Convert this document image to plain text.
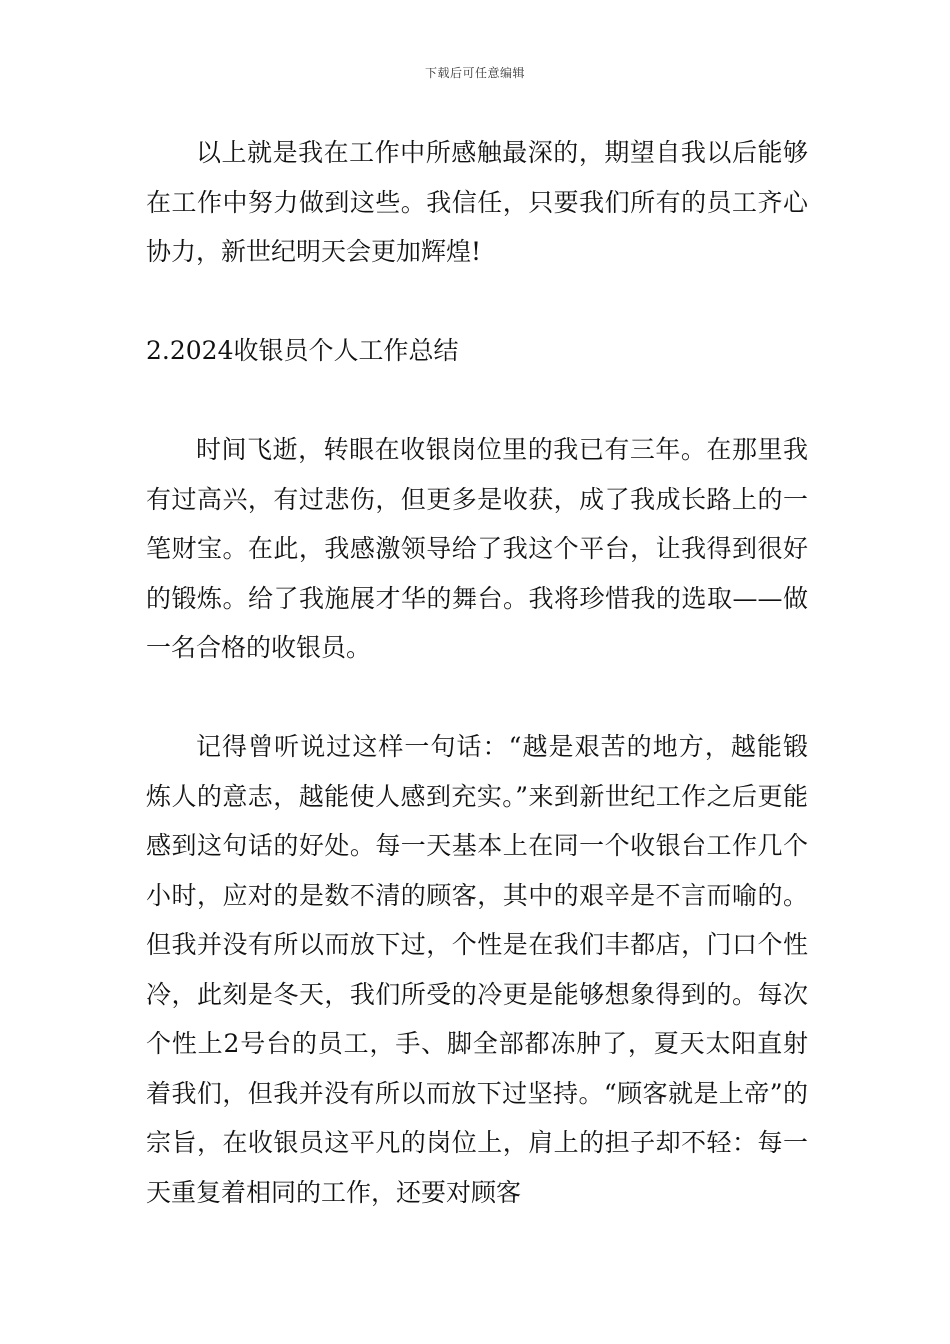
下载后可任意编辑

以上就是我在工作中所感触最深的，期望自我以后能够在工作中努力做到这些。我信任，只要我们所有的员工齐心协力，新世纪明天会更加辉煌!

2.2024收银员个人工作总结

时间飞逝，转眼在收银岗位里的我已有三年。在那里我有过高兴，有过悲伤，但更多是收获，成了我成长路上的一笔财宝。在此，我感激领导给了我这个平台，让我得到很好的锻炼。给了我施展才华的舞台。我将珍惜我的选取——做一名合格的收银员。

记得曾听说过这样一句话：“越是艰苦的地方，越能锻炼人的意志，越能使人感到充实。”来到新世纪工作之后更能感到这句话的好处。每一天基本上在同一个收银台工作几个小时，应对的是数不清的顾客，其中的艰辛是不言而喻的。但我并没有所以而放下过，个性是在我们丰都店，门口个性冷，此刻是冬天，我们所受的冷更是能够想象得到的。每次个性上2号台的员工，手、脚全部都冻肿了，夏天太阳直射着我们，但我并没有所以而放下过坚持。“顾客就是上帝”的宗旨，在收银员这平凡的岗位上，肩上的担子却不轻：每一天重复着相同的工作，还要对顾客
